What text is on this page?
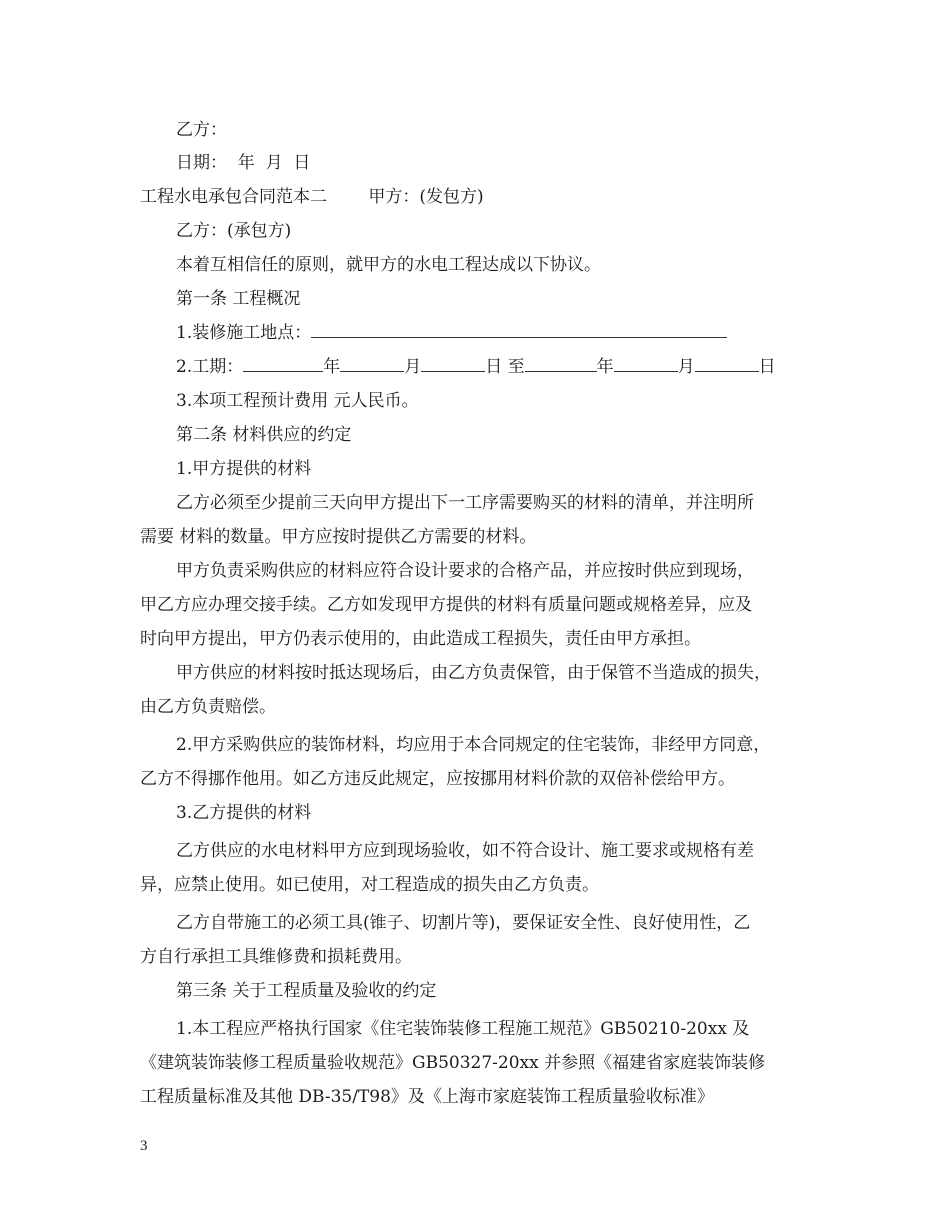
乙方：
日期：  年  月  日
工程水电承包合同范本二 甲方：(发包方)
乙方：(承包方)
本着互相信任的原则，就甲方的水电工程达成以下协议。
第一条 工程概况
1.装修施工地点：
2.工期：	年	月	日 至	年	月	日
3.本项工程预计费用 元人民币。
第二条 材料供应的约定
1.甲方提供的材料
乙方必须至少提前三天向甲方提出下一工序需要购买的材料的清单，并注明所
需要 材料的数量。甲方应按时提供乙方需要的材料。
甲方负责采购供应的材料应符合设计要求的合格产品，并应按时供应到现场，
甲乙方应办理交接手续。乙方如发现甲方提供的材料有质量问题或规格差异，应及
时向甲方提出，甲方仍表示使用的，由此造成工程损失，责任由甲方承担。
甲方供应的材料按时抵达现场后，由乙方负责保管，由于保管不当造成的损失，
由乙方负责赔偿。
2.甲方采购供应的装饰材料，均应用于本合同规定的住宅装饰，非经甲方同意，
乙方不得挪作他用。如乙方违反此规定，应按挪用材料价款的双倍补偿给甲方。
3.乙方提供的材料
乙方供应的水电材料甲方应到现场验收，如不符合设计、施工要求或规格有差
异，应禁止使用。如已使用，对工程造成的损失由乙方负责。
乙方自带施工的必须工具(锥子、切割片等)，要保证安全性、良好使用性，乙
方自行承担工具维修费和损耗费用。
第三条 关于工程质量及验收的约定
1.本工程应严格执行国家《住宅装饰装修工程施工规范》GB50210-20xx 及
《建筑装饰装修工程质量验收规范》GB50327-20xx 并参照《福建省家庭装饰装修
工程质量标准及其他 DB-35/T98》及《上海市家庭装饰工程质量验收标准》
3
